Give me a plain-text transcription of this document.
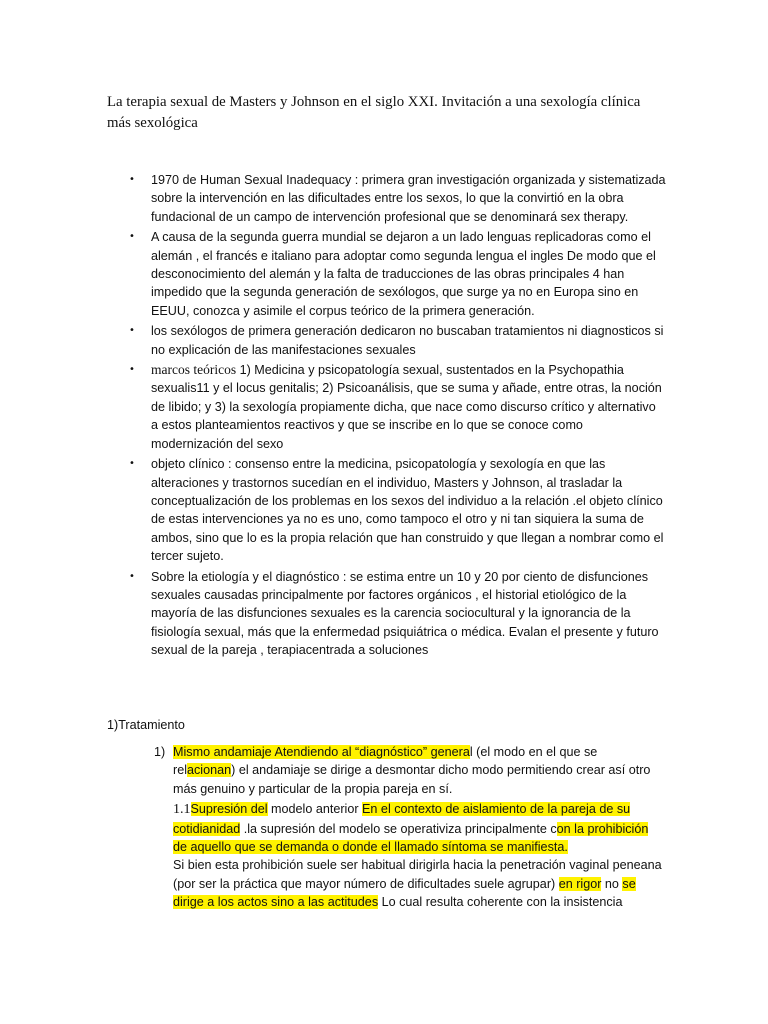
La terapia sexual de Masters y Johnson en el siglo XXI. Invitación a una sexología clínica más sexológica
• 1970 de Human Sexual Inadequacy : primera gran investigación organizada y sistematizada sobre la intervención en las dificultades entre los sexos, lo que la convirtió en la obra fundacional de un campo de intervención profesional que se denominará sex therapy.

• A causa de la segunda guerra mundial se dejaron a un lado lenguas replicadoras como el alemán , el francés e italiano para adoptar como segunda lengua el ingles De modo que el desconocimiento del alemán y la falta de traducciones de las obras principales 4 han impedido que la segunda generación de sexólogos, que surge ya no en Europa sino en EEUU, conozca y asimile el corpus teórico de la primera generación.

• los sexólogos de primera generación dedicaron no buscaban tratamientos ni diagnosticos si no explicación de las manifestaciones sexuales

• marcos teóricos 1) Medicina y psicopatología sexual, sustentados en la Psychopathia sexualis11 y el locus genitalis; 2) Psicoanálisis, que se suma y añade, entre otras, la noción de libido; y 3) la sexología propiamente dicha, que nace como discurso crítico y alternativo a estos planteamientos reactivos y que se inscribe en lo que se conoce como modernización del sexo

• objeto clínico : consenso entre la medicina, psicopatología y sexología en que las alteraciones y trastornos sucedían en el individuo, Masters y Johnson, al trasladar la conceptualización de los problemas en los sexos del individuo a la relación .el objeto clínico de estas intervenciones ya no es uno, como tampoco el otro y ni tan siquiera la suma de ambos, sino que lo es la propia relación que han construido y que llegan a nombrar como el tercer sujeto.

• Sobre la etiología y el diagnóstico : se estima entre un 10 y 20 por ciento de disfunciones sexuales causadas principalmente por factores orgánicos , el historial etiológico de la mayoría de las disfunciones sexuales es la carencia sociocultural y la ignorancia de la fisiología sexual, más que la enfermedad psiquiátrica o médica. Evalan el presente y futuro sexual de la pareja , terapiacentrada a soluciones

1)Tratamiento
1) Mismo andamiaje Atendiendo al “diagnóstico” general (el modo en el que se relacionan) el andamiaje se dirige a desmontar dicho modo permitiendo crear así otro más genuino y particular de la propia pareja en sí.

1.1Supresión del modelo anterior En el contexto de aislamiento de la pareja de su cotidianidad .la supresión del modelo se operativiza principalmente con la prohibición de aquello que se demanda o donde el llamado síntoma se manifiesta.

Si bien esta prohibición suele ser habitual dirigirla hacia la penetración vaginal peneana (por ser la práctica que mayor número de dificultades suele agrupar) en rigor no se dirige a los actos sino a las actitudes Lo cual resulta coherente con la insistencia
